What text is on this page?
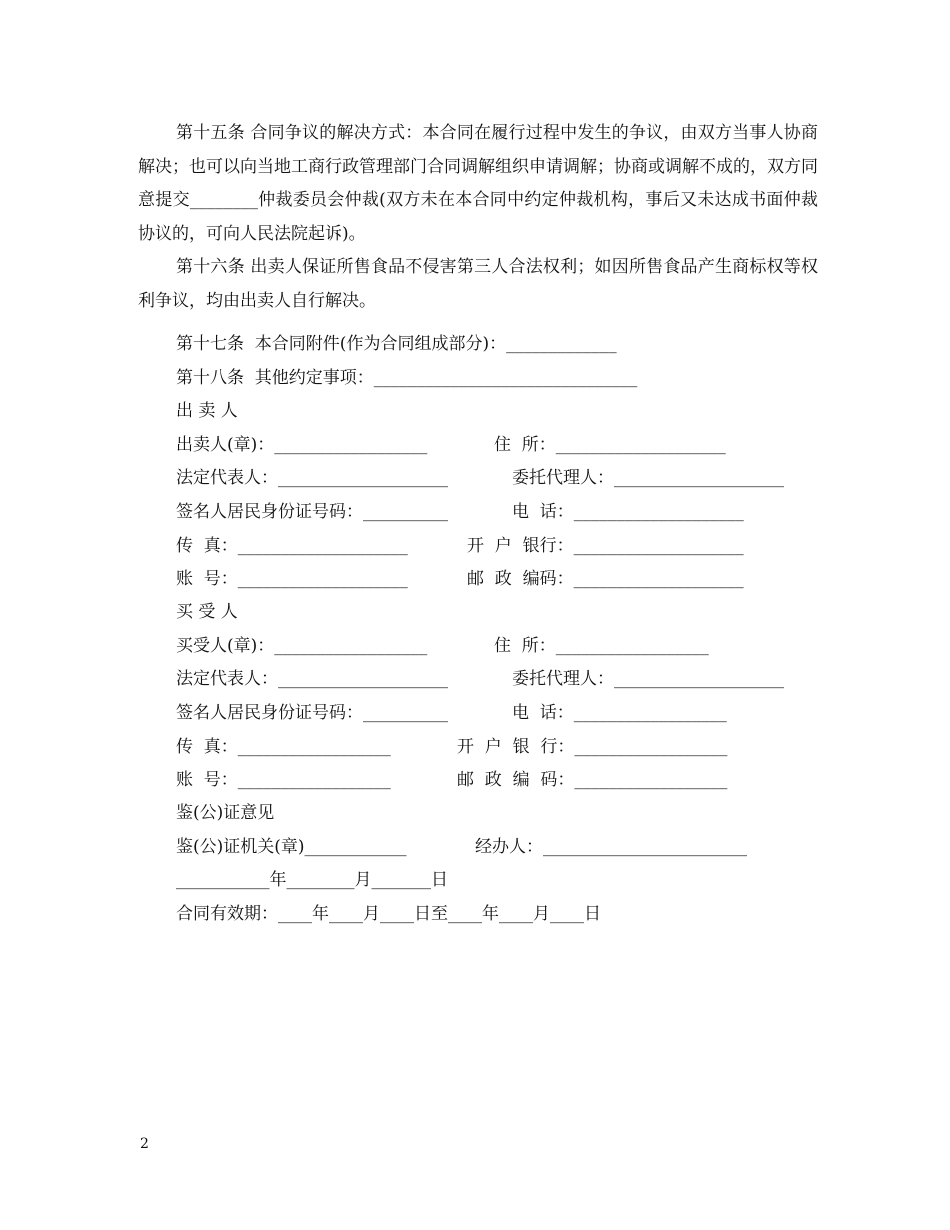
第十五条 合同争议的解决方式：本合同在履行过程中发生的争议，由双方当事人协商解决；也可以向当地工商行政管理部门合同调解组织申请调解；协商或调解不成的，双方同意提交________仲裁委员会仲裁(双方未在本合同中约定仲裁机构，事后又未达成书面仲裁协议的，可向人民法院起诉)。

第十六条 出卖人保证所售食品不侵害第三人合法权利；如因所售食品产生商标权等权利争议，均由出卖人自行解决。

第十七条  本合同附件(作为合同组成部分)：_____________
第十八条  其他约定事项：_______________________________
出 卖 人
出卖人(章)：__________________	住  所：____________________
法定代表人：____________________	委托代理人：____________________
签名人居民身份证号码：__________	电  话：____________________
传  真：____________________	开  户  银行：____________________
账  号：____________________	邮  政  编码：____________________
买 受 人
买受人(章)：__________________	住  所：__________________
法定代表人：____________________	委托代理人：____________________
签名人居民身份证号码：__________	电  话：__________________
传  真：__________________	开  户  银  行：__________________
账  号：__________________	邮  政  编  码：__________________
鉴(公)证意见
鉴(公)证机关(章)____________	经办人：________________________
___________年________月_______日
合同有效期：____年____月____日至____年____月____日
2
